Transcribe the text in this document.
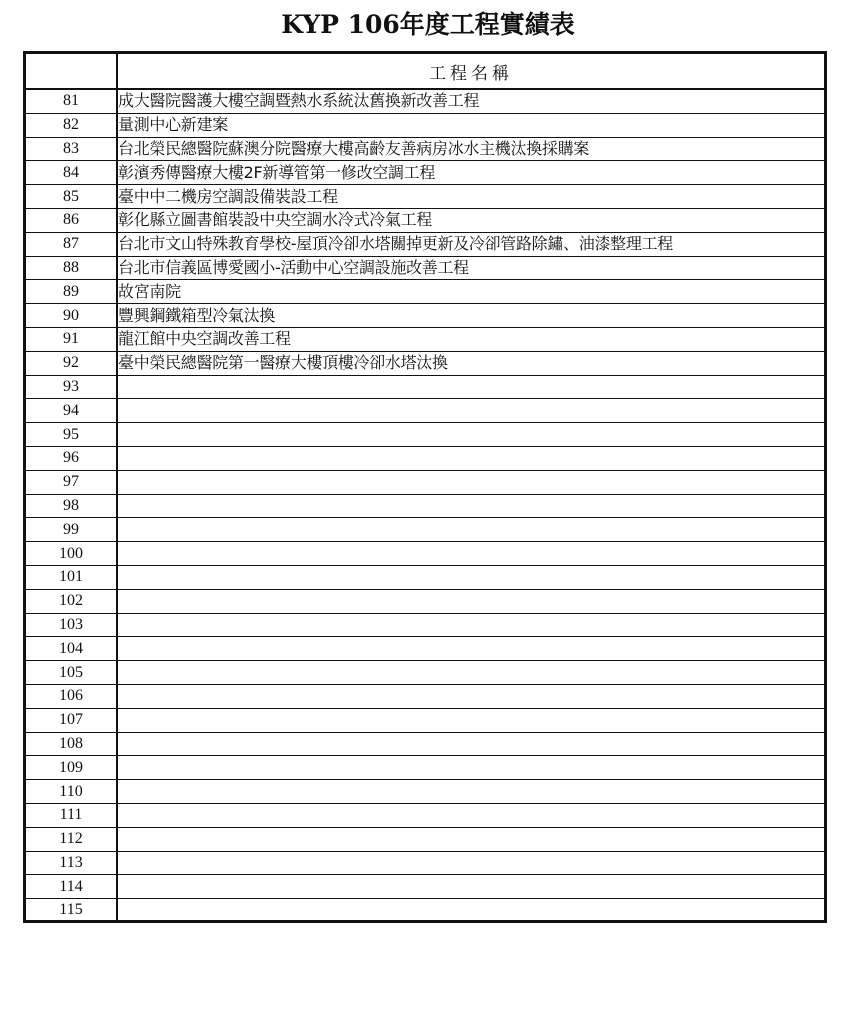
KYP 106年度工程實績表
	工程名稱
81	成大醫院醫護大樓空調暨熱水系統汰舊換新改善工程
82	量測中心新建案
83	台北榮民總醫院蘇澳分院醫療大樓高齡友善病房冰水主機汰換採購案
84	彰濱秀傳醫療大樓2F新導管第一修改空調工程
85	臺中中二機房空調設備裝設工程
86	彰化縣立圖書館裝設中央空調水冷式冷氣工程
87	台北市文山特殊教育學校-屋頂冷卻水塔關掉更新及冷卻管路除鏽、油漆整理工程
88	台北市信義區博愛國小-活動中心空調設施改善工程
89	故宮南院
90	豐興鋼鐵箱型冷氣汰換
91	龍江館中央空調改善工程
92	臺中榮民總醫院第一醫療大樓頂樓冷卻水塔汰換
93	
94	
95	
96	
97	
98	
99	
100	
101	
102	
103	
104	
105	
106	
107	
108	
109	
110	
111	
112	
113	
114	
115	
